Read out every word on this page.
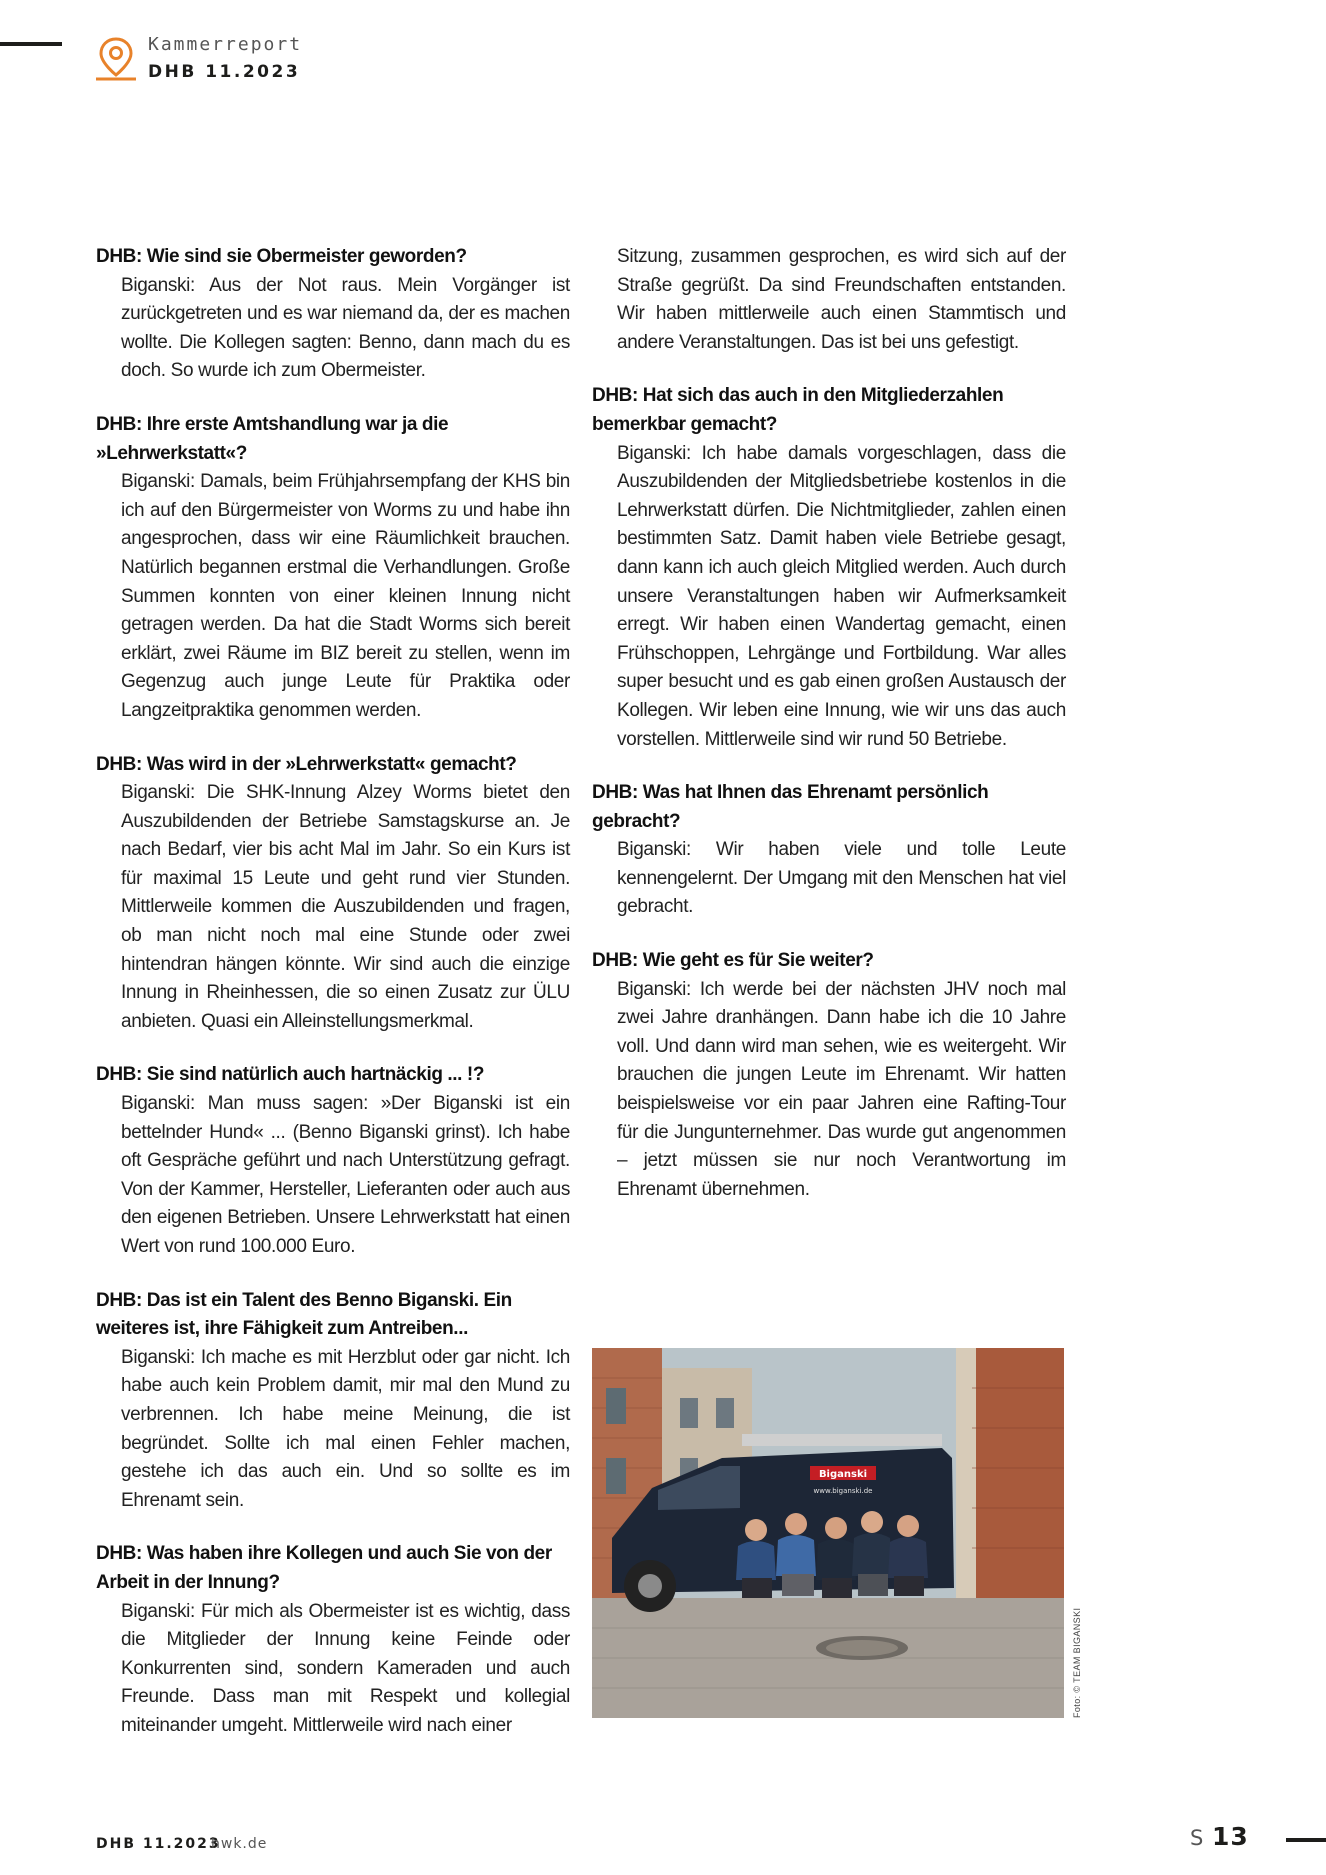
Kammerreport
DHB 11.2023

DHB: Wie sind sie Obermeister geworden?

Biganski: Aus der Not raus. Mein Vorgänger ist zurückgetreten und es war niemand da, der es machen wollte. Die Kollegen sagten: Benno, dann mach du es doch. So wurde ich zum Obermeister.

DHB: Ihre erste Amtshandlung war ja die »Lehrwerkstatt«?

Biganski: Damals, beim Frühjahrsempfang der KHS bin ich auf den Bürgermeister von Worms zu und habe ihn angesprochen, dass wir eine Räumlichkeit brauchen. Natürlich begannen erstmal die Verhandlungen. Große Summen konnten von einer kleinen Innung nicht getragen werden. Da hat die Stadt Worms sich bereit erklärt, zwei Räume im BIZ bereit zu stellen, wenn im Gegenzug auch junge Leute für Praktika oder Langzeitpraktika genommen werden.

DHB: Was wird in der »Lehrwerkstatt« gemacht?

Biganski: Die SHK-Innung Alzey Worms bietet den Auszubildenden der Betriebe Samstagskurse an. Je nach Bedarf, vier bis acht Mal im Jahr. So ein Kurs ist für maximal 15 Leute und geht rund vier Stunden. Mittlerweile kommen die Auszubildenden und fragen, ob man nicht noch mal eine Stunde oder zwei hintendran hängen könnte. Wir sind auch die einzige Innung in Rheinhessen, die so einen Zusatz zur ÜLU anbieten. Quasi ein Alleinstellungsmerkmal.

DHB: Sie sind natürlich auch hartnäckig ... !?

Biganski: Man muss sagen: »Der Biganski ist ein bettelnder Hund« ... (Benno Biganski grinst). Ich habe oft Gespräche geführt und nach Unterstützung gefragt. Von der Kammer, Hersteller, Lieferanten oder auch aus den eigenen Betrieben. Unsere Lehrwerkstatt hat einen Wert von rund 100.000 Euro.

DHB: Das ist ein Talent des Benno Biganski. Ein weiteres ist, ihre Fähigkeit zum Antreiben...

Biganski: Ich mache es mit Herzblut oder gar nicht. Ich habe auch kein Problem damit, mir mal den Mund zu verbrennen. Ich habe meine Meinung, die ist begründet. Sollte ich mal einen Fehler machen, gestehe ich das auch ein. Und so sollte es im Ehrenamt sein.

DHB: Was haben ihre Kollegen und auch Sie von der Arbeit in der Innung?

Biganski: Für mich als Obermeister ist es wichtig, dass die Mitglieder der Innung keine Feinde oder Konkurrenten sind, sondern Kameraden und auch Freunde. Dass man mit Respekt und kollegial miteinander umgeht. Mittlerweile wird nach einer

Sitzung, zusammen gesprochen, es wird sich auf der Straße gegrüßt. Da sind Freundschaften entstanden. Wir haben mittlerweile auch einen Stammtisch und andere Veranstaltungen. Das ist bei uns gefestigt.

DHB: Hat sich das auch in den Mitgliederzahlen bemerkbar gemacht?

Biganski: Ich habe damals vorgeschlagen, dass die Auszubildenden der Mitgliedsbetriebe kostenlos in die Lehrwerkstatt dürfen. Die Nichtmitglieder, zahlen einen bestimmten Satz. Damit haben viele Betriebe gesagt, dann kann ich auch gleich Mitglied werden. Auch durch unsere Veranstaltungen haben wir Aufmerksamkeit erregt. Wir haben einen Wandertag gemacht, einen Frühschoppen, Lehrgänge und Fortbildung. War alles super besucht und es gab einen großen Austausch der Kollegen. Wir leben eine Innung, wie wir uns das auch vorstellen. Mittlerweile sind wir rund 50 Betriebe.

DHB: Was hat Ihnen das Ehrenamt persönlich gebracht?

Biganski: Wir haben viele und tolle Leute kennengelernt. Der Umgang mit den Menschen hat viel gebracht.

DHB: Wie geht es für Sie weiter?

Biganski: Ich werde bei der nächsten JHV noch mal zwei Jahre dranhängen. Dann habe ich die 10 Jahre voll. Und dann wird man sehen, wie es weitergeht. Wir brauchen die jungen Leute im Ehrenamt. Wir hatten beispielsweise vor ein paar Jahren eine Rafting-Tour für die Jungunternehmer. Das wurde gut angenommen – jetzt müssen sie nur noch Verantwortung im Ehrenamt übernehmen.

Biganski
www.biganski.de
Foto: © TEAM BIGANSKI
DHB 11.2023
hwk.de	S 13
